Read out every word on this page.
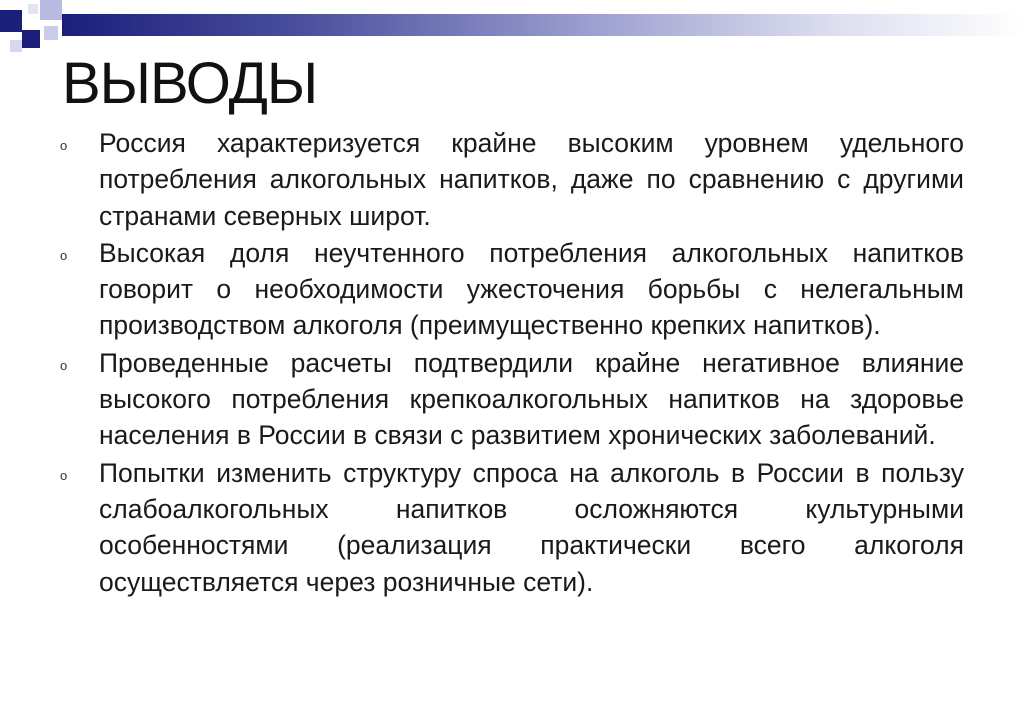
ВЫВОДЫ
o Россия характеризуется крайне высоким уровнем удельного потребления алкогольных напитков, даже по сравнению с другими странами северных широт.
o Высокая доля неучтенного потребления алкогольных напитков говорит о необходимости ужесточения борьбы с нелегальным производством алкоголя (преимущественно крепких напитков).
o Проведенные расчеты подтвердили крайне негативное влияние высокого потребления крепкоалкогольных напитков на здоровье населения в России в связи с развитием хронических заболеваний.
o Попытки изменить структуру спроса на алкоголь в России в пользу слабоалкогольных напитков осложняются культурными особенностями (реализация практически всего алкоголя осуществляется через розничные сети).
